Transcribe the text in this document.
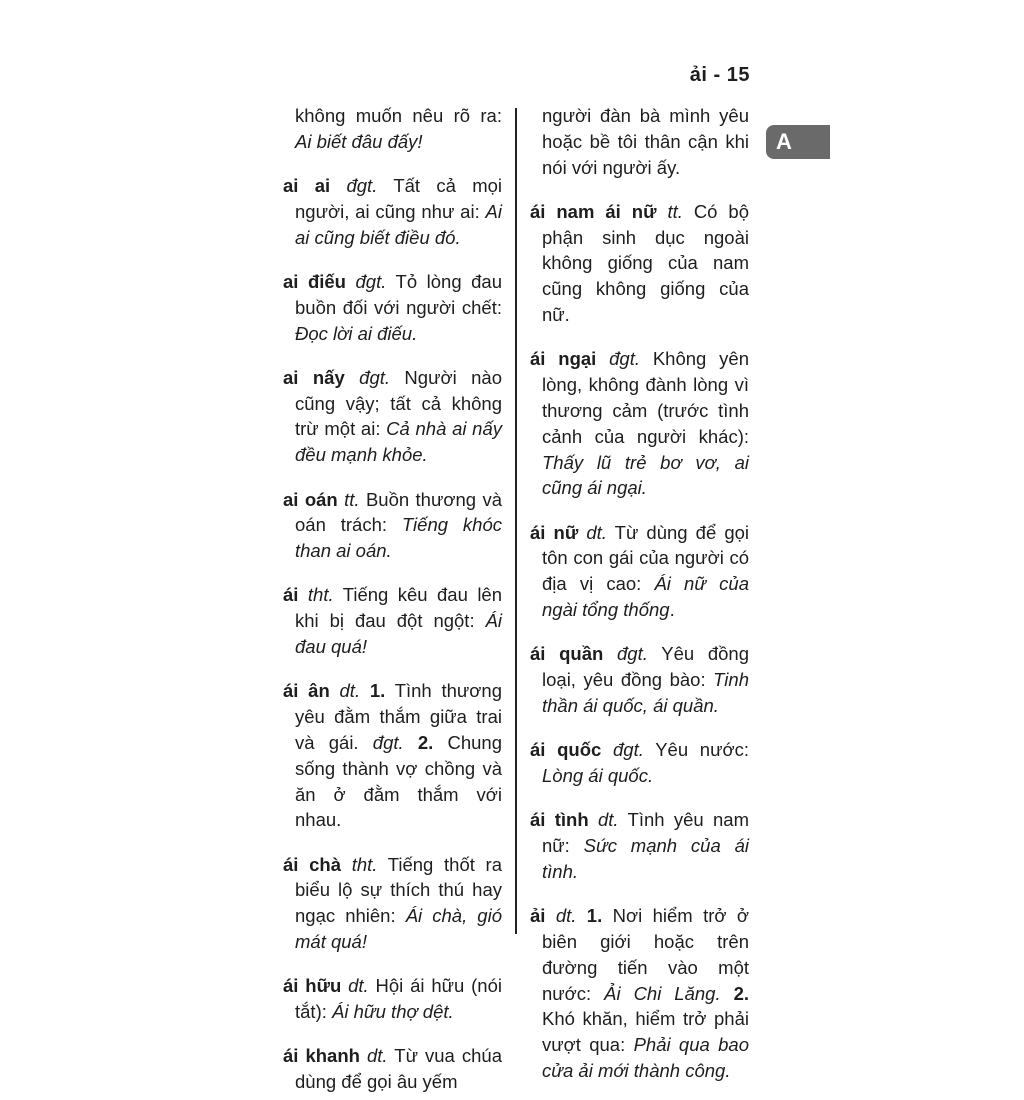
ải - 15
A

không muốn nêu rõ ra: Ai biết đâu đấy!

ai ai đgt. Tất cả mọi người, ai cũng như ai: Ai ai cũng biết điều đó.

ai điếu đgt. Tỏ lòng đau buồn đối với người chết: Đọc lời ai điếu.

ai nấy đgt. Người nào cũng vậy; tất cả không trừ một ai: Cả nhà ai nấy đều mạnh khỏe.

ai oán tt. Buồn thương và oán trách: Tiếng khóc than ai oán.

ái tht. Tiếng kêu đau lên khi bị đau đột ngột: Ái đau quá!

ái ân dt. 1. Tình thương yêu đằm thắm giữa trai và gái. đgt. 2. Chung sống thành vợ chồng và ăn ở đằm thắm với nhau.

ái chà tht. Tiếng thốt ra biểu lộ sự thích thú hay ngạc nhiên: Ái chà, gió mát quá!

ái hữu dt. Hội ái hữu (nói tắt): Ái hữu thợ dệt.

ái khanh dt. Từ vua chúa dùng để gọi âu yếm

người đàn bà mình yêu hoặc bề tôi thân cận khi nói với người ấy.

ái nam ái nữ tt. Có bộ phận sinh dục ngoài không giống của nam cũng không giống của nữ.

ái ngại đgt. Không yên lòng, không đành lòng vì thương cảm (trước tình cảnh của người khác): Thấy lũ trẻ bơ vơ, ai cũng ái ngại.

ái nữ dt. Từ dùng để gọi tôn con gái của người có địa vị cao: Ái nữ của ngài tổng thống.

ái quần đgt. Yêu đồng loại, yêu đồng bào: Tinh thần ái quốc, ái quần.

ái quốc đgt. Yêu nước: Lòng ái quốc.

ái tình dt. Tình yêu nam nữ: Sức mạnh của ái tình.

ải dt. 1. Nơi hiểm trở ở biên giới hoặc trên đường tiến vào một nước: Ải Chi Lăng. 2. Khó khăn, hiểm trở phải vượt qua: Phải qua bao cửa ải mới thành công.
